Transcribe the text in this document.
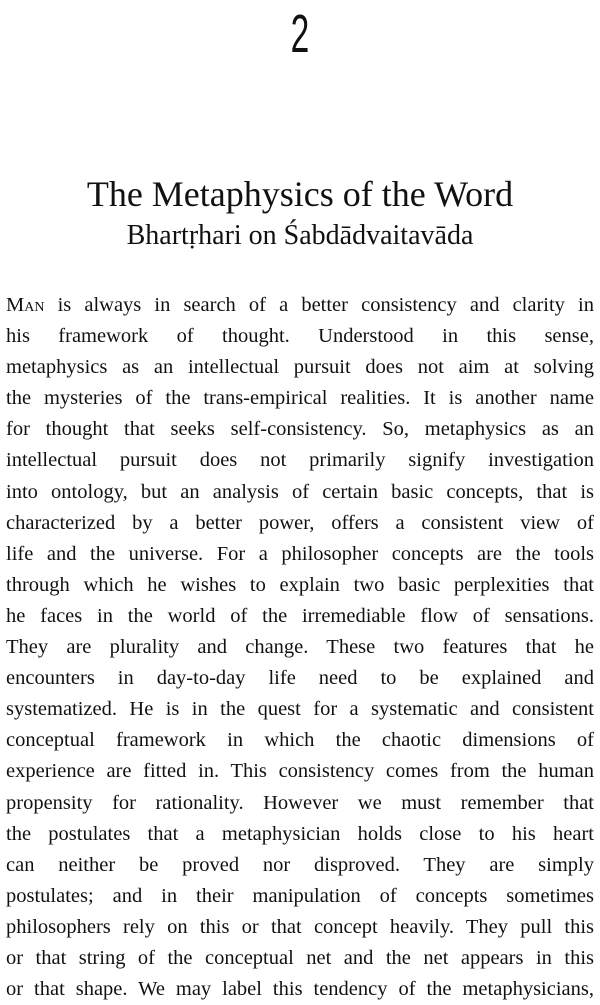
2
The Metaphysics of the Word
Bhartṛhari on Śabdādvaitavāda
Man is always in search of a better consistency and clarity in
his framework of thought. Understood in this sense,
metaphysics as an intellectual pursuit does not aim at solving
the mysteries of the trans-empirical realities. It is another name
for thought that seeks self-consistency. So, metaphysics as an
intellectual pursuit does not primarily signify investigation
into ontology, but an analysis of certain basic concepts, that is
characterized by a better power, offers a consistent view of
life and the universe. For a philosopher concepts are the tools
through which he wishes to explain two basic perplexities that
he faces in the world of the irremediable flow of sensations.
They are plurality and change. These two features that he
encounters in day-to-day life need to be explained and
systematized. He is in the quest for a systematic and consistent
conceptual framework in which the chaotic dimensions of
experience are fitted in. This consistency comes from the human
propensity for rationality. However we must remember that
the postulates that a metaphysician holds close to his heart
can neither be proved nor disproved. They are simply
postulates; and in their manipulation of concepts sometimes
philosophers rely on this or that concept heavily. They pull this
or that string of the conceptual net and the net appears in this
or that shape. We may label this tendency of the metaphysicians,
